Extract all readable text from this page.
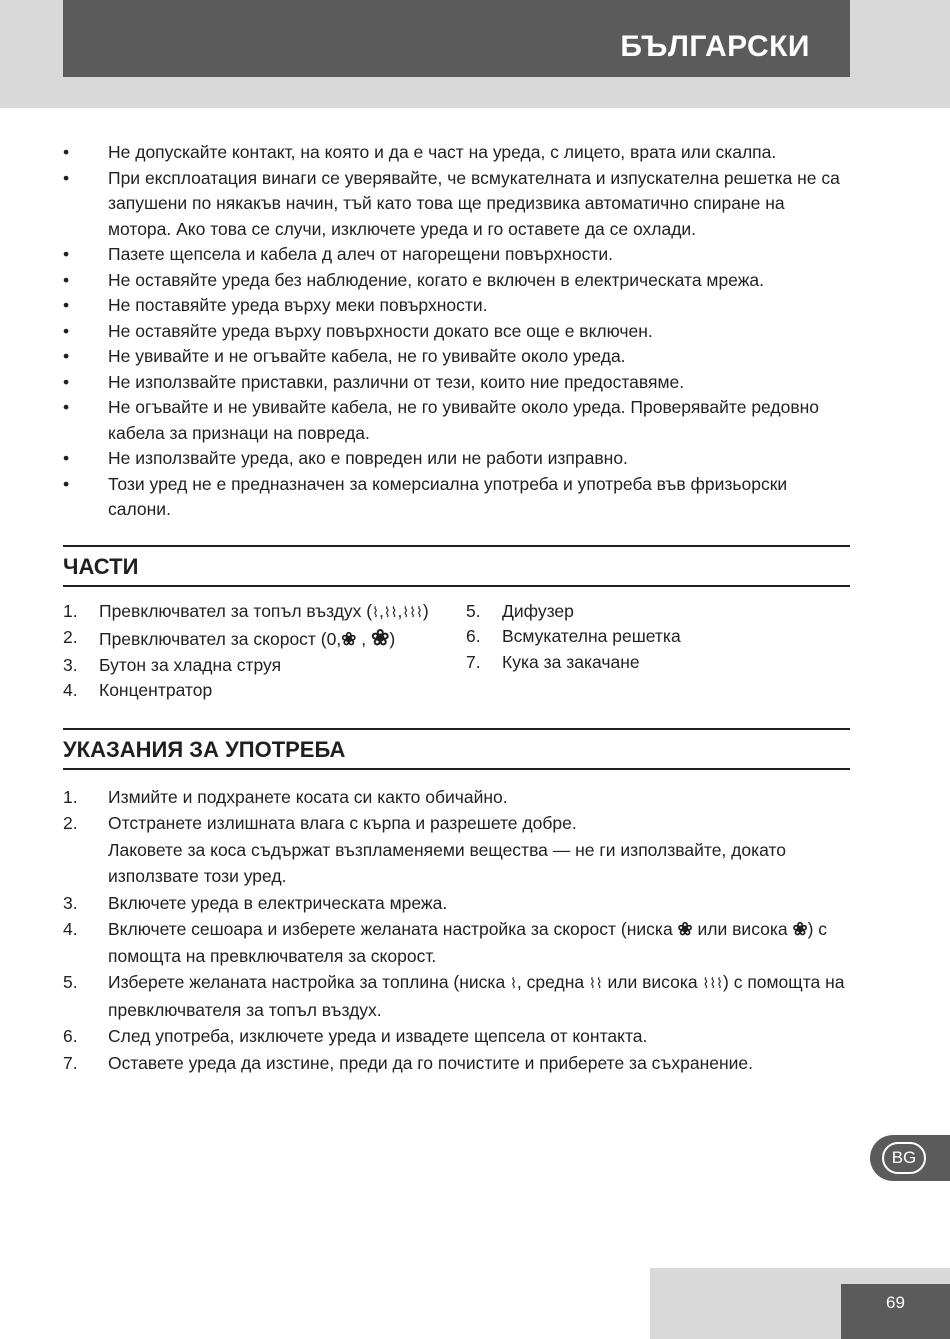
БЪЛГАРСКИ
• Не допускайте контакт, на която и да е част на уреда, с лицето, врата или скалпа.
• При експлоатация винаги се уверявайте, че всмукателната и изпускателна решетка не са запушени по някакъв начин, тъй като това ще предизвика автоматично спиране на мотора. Ако това се случи, изключете уреда и го оставете да се охлади.
• Пазете щепсела и кабела д алеч от нагорещени повърхности.
• Не оставяйте уреда без наблюдение, когато е включен в електрическата мрежа.
• Не поставяйте уреда върху меки повърхности.
• Не оставяйте уреда върху повърхности докато все още е включен.
• Не увивайте и не огъвайте кабела, не го увивайте около уреда.
• Не използвайте приставки, различни от тези, които ние предоставяме.
• Не огъвайте и не увивайте кабела, не го увивайте около уреда. Проверявайте редовно кабела за признаци на повреда.
• Не използвайте уреда, ако е повреден или не работи изправно.
• Този уред не е предназначен за комерсиална употреба и употреба във фризьорски салони.
ЧАСТИ
1. Превключвател за топъл въздух (⌇,⌇⌇,⌇⌇⌇)
2. Превключвател за скорост (0,❀ , ❀)
3. Бутон за хладна струя
4. Концентратор
5. Дифузер
6. Всмукателна решетка
7. Кука за закачане
УКАЗАНИЯ ЗА УПОТРЕБА
1. Измийте и подхранете косата си както обичайно.
2. Отстранете излишната влага с кърпа и разрешете добре.
Лаковете за коса съдържат възпламеняеми вещества — не ги използвайте, докато използвате този уред.
3. Включете уреда в електрическата мрежа.
4. Включете сешоара и изберете желаната настройка за скорост (ниска ❀ или висока ❀) с помощта на превключвателя за скорост.
5. Изберете желаната настройка за топлина (ниска ⌇, средна ⌇⌇ или висока ⌇⌇⌇) с помощта на превключвателя за топъл въздух.
6. След употреба, изключете уреда и извадете щепсела от контакта.
7. Оставете уреда да изстине, преди да го почистите и приберете за съхранение.
BG
69
